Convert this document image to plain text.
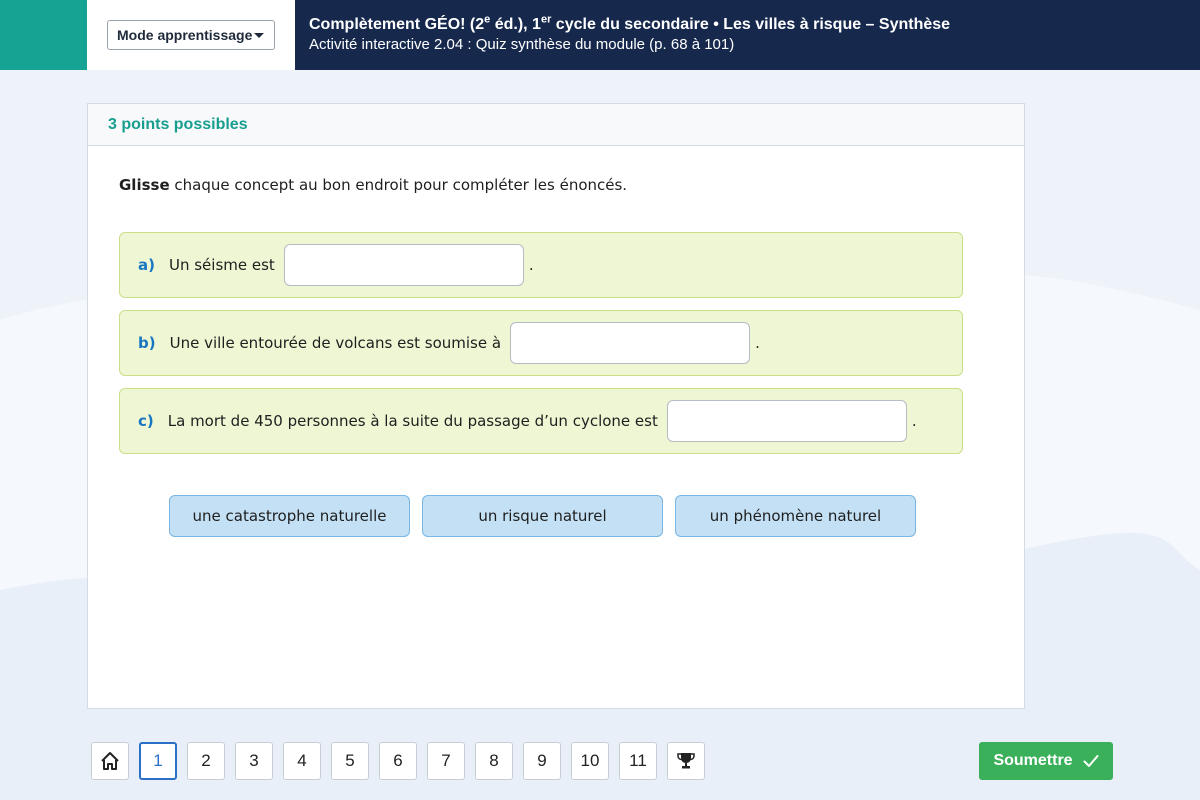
Mode apprentissage
Complètement GÉO! (2e éd.), 1er cycle du secondaire • Les villes à risque – Synthèse
Activité interactive 2.04 : Quiz synthèse du module (p. 68 à 101)
3 points possibles
Glisse chaque concept au bon endroit pour compléter les énoncés.
a) Un séisme est	.
b) Une ville entourée de volcans est soumise à	.
c) La mort de 450 personnes à la suite du passage d’un cyclone est	.
une catastrophe naturelle	un risque naturel	un phénomène naturel
1	2	3	4	5	6	7	8	9	10	11	Soumettre
